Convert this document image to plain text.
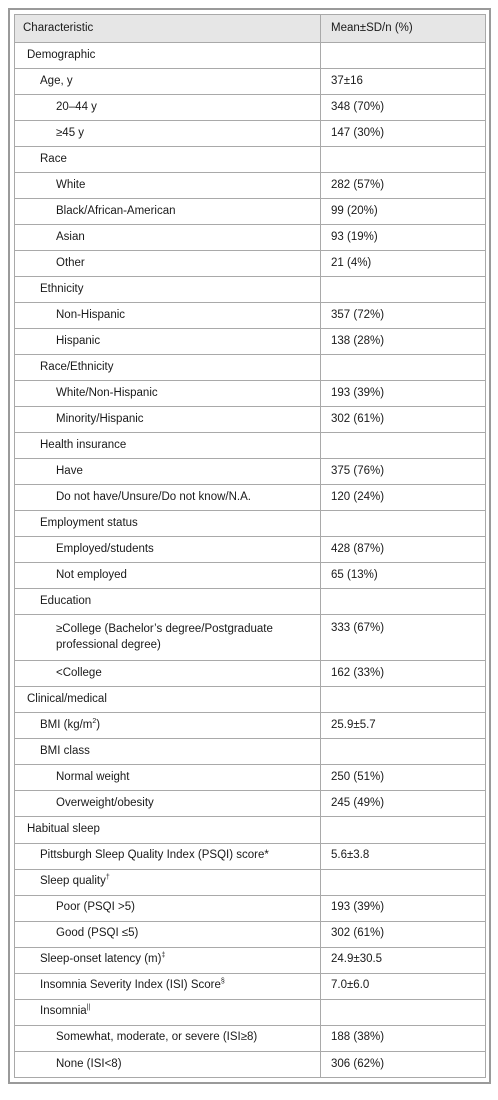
Characteristic	Mean±SD/n (%)
Demographic	
Age, y	37±16
20–44 y	348 (70%)
≥45 y	147 (30%)
Race	
White	282 (57%)
Black/African-American	99 (20%)
Asian	93 (19%)
Other	21 (4%)
Ethnicity	
Non-Hispanic	357 (72%)
Hispanic	138 (28%)
Race/Ethnicity	
White/Non-Hispanic	193 (39%)
Minority/Hispanic	302 (61%)
Health insurance	
Have	375 (76%)
Do not have/Unsure/Do not know/N.A.	120 (24%)
Employment status	
Employed/students	428 (87%)
Not employed	65 (13%)
Education	
≥College (Bachelor’s degree/Postgraduate professional degree)	333 (67%)
<College	162 (33%)
Clinical/medical	
BMI $(kg/m^2)$	25.9±5.7
BMI class	
Normal weight	250 (51%)
Overweight/obesity	245 (49%)
Habitual sleep	
Pittsburgh Sleep Quality Index (PSQI) score*	5.6±3.8
Sleep quality†	
Poor (PSQI >5)	193 (39%)
Good (PSQI ≤5)	302 (61%)
Sleep-onset latency (m)‡	24.9±30.5
Insomnia Severity Index (ISI) Score§	7.0±6.0
Insomnia||	
Somewhat, moderate, or severe (ISI≥8)	188 (38%)
None (ISI<8)	306 (62%)
